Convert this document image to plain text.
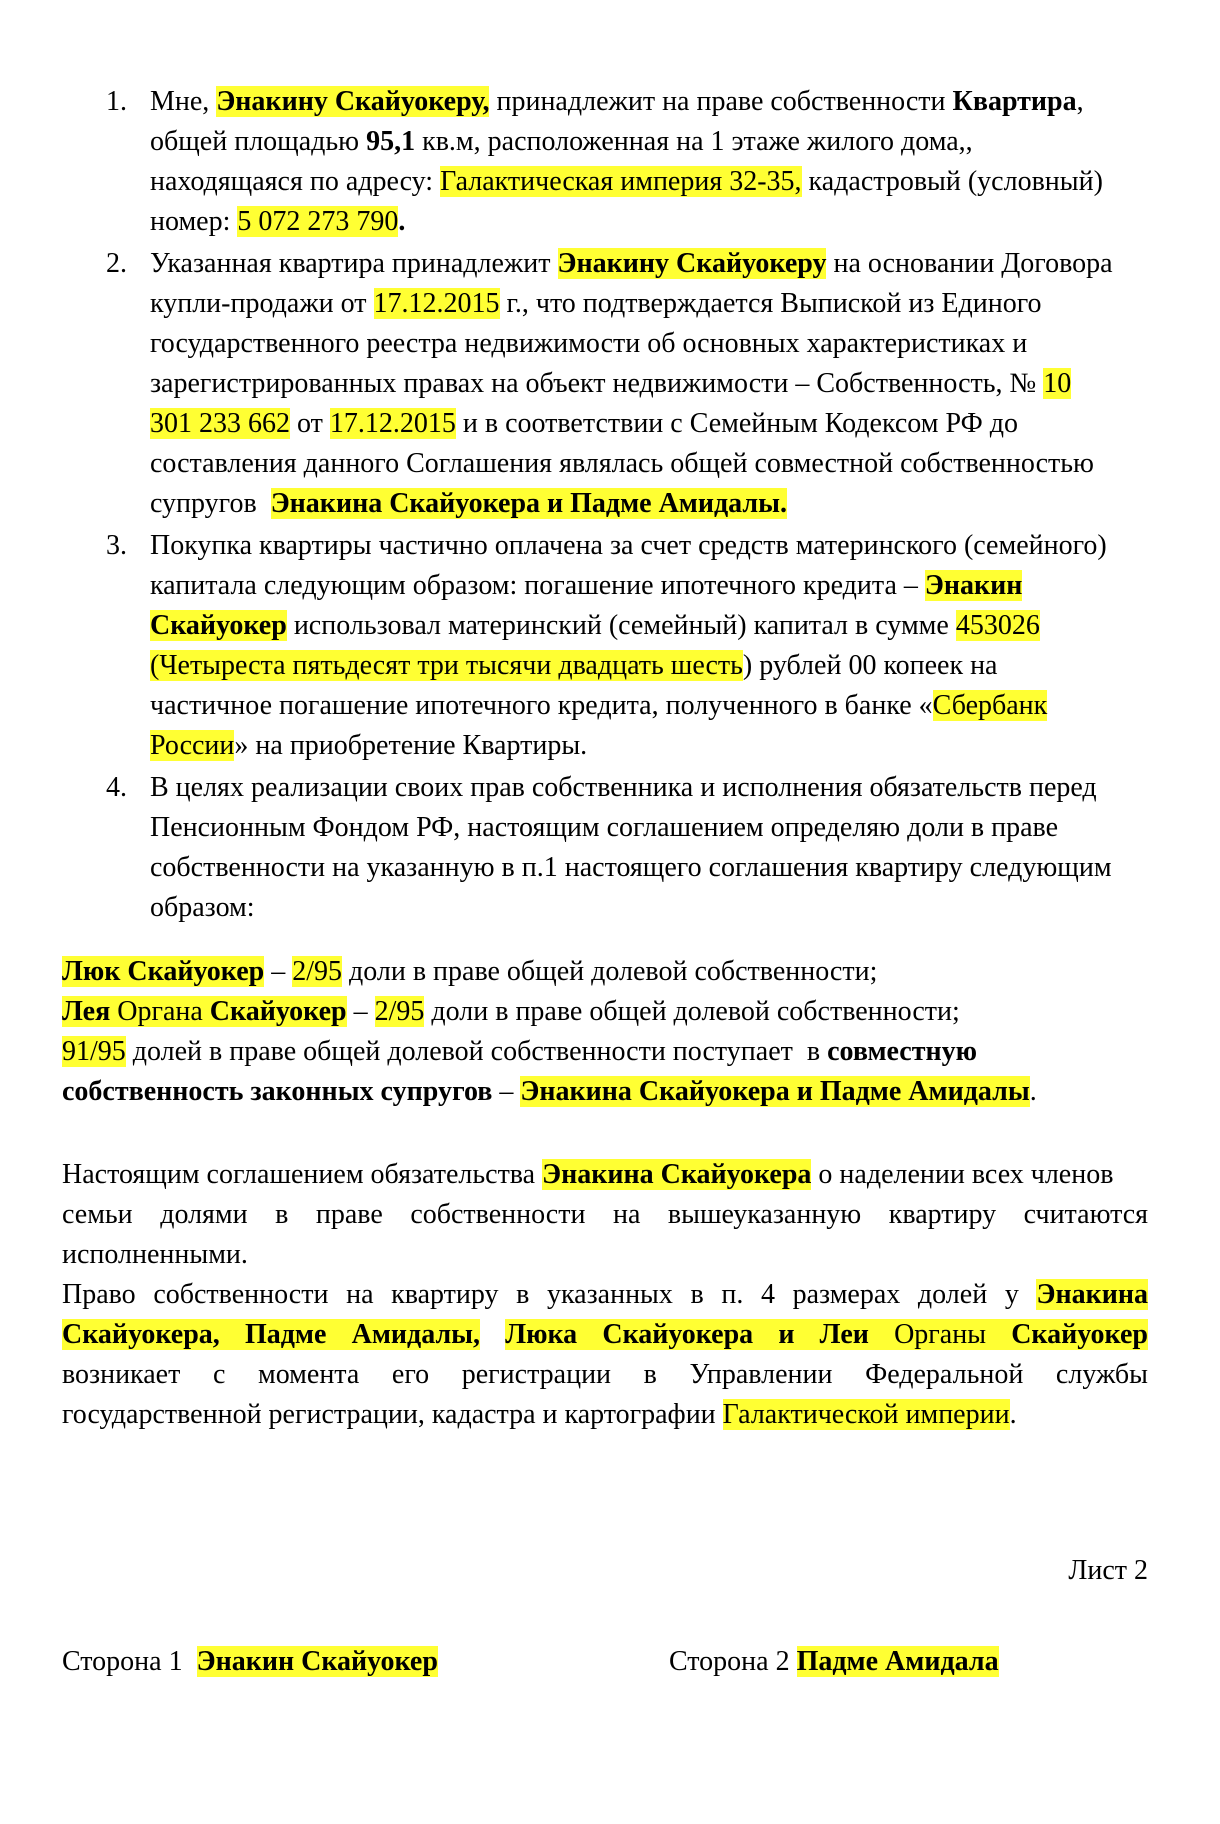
1. Мне, Энакину Скайуокеру, принадлежит на праве собственности Квартира,
общей площадью 95,1 кв.м, расположенная на 1 этаже жилого дома,,
находящаяся по адресу: Галактическая империя 32-35, кадастровый (условный)
номер: 5 072 273 790.
2. Указанная квартира принадлежит Энакину Скайуокеру на основании Договора
купли-продажи от 17.12.2015 г., что подтверждается Выпиской из Единого
государственного реестра недвижимости об основных характеристиках и
зарегистрированных правах на объект недвижимости – Собственность, № 10
301 233 662 от 17.12.2015 и в соответствии с Семейным Кодексом РФ до
составления данного Соглашения являлась общей совместной собственностью
супругов  Энакина Скайуокера и Падме Амидалы.
3. Покупка квартиры частично оплачена за счет средств материнского (семейного)
капитала следующим образом: погашение ипотечного кредита – Энакин
Скайуокер использовал материнский (семейный) капитал в сумме 453026
(Четыреста пятьдесят три тысячи двадцать шесть) рублей 00 копеек на
частичное погашение ипотечного кредита, полученного в банке «Сбербанк
России» на приобретение Квартиры.
4. В целях реализации своих прав собственника и исполнения обязательств перед
Пенсионным Фондом РФ, настоящим соглашением определяю доли в праве
собственности на указанную в п.1 настоящего соглашения квартиру следующим
образом:
Люк Скайуокер – 2/95 доли в праве общей долевой собственности;
Лея Органа Скайуокер – 2/95 доли в праве общей долевой собственности;
91/95 долей в праве общей долевой собственности поступает  в совместную
собственность законных супругов – Энакина Скайуокера и Падме Амидалы.
Настоящим соглашением обязательства Энакина Скайуокера о наделении всех членов
семьи долями в праве собственности на вышеуказанную квартиру считаются
исполненными.
Право собственности на квартиру в указанных в п. 4 размерах долей у Энакина
Скайуокера, Падме Амидалы, Люка Скайуокера и Леи Органы Скайуокер
возникает с момента его регистрации в Управлении Федеральной службы
государственной регистрации, кадастра и картографии Галактической империи.
Лист 2
Сторона 1  Энакин Скайуокер	Сторона 2 Падме Амидала
